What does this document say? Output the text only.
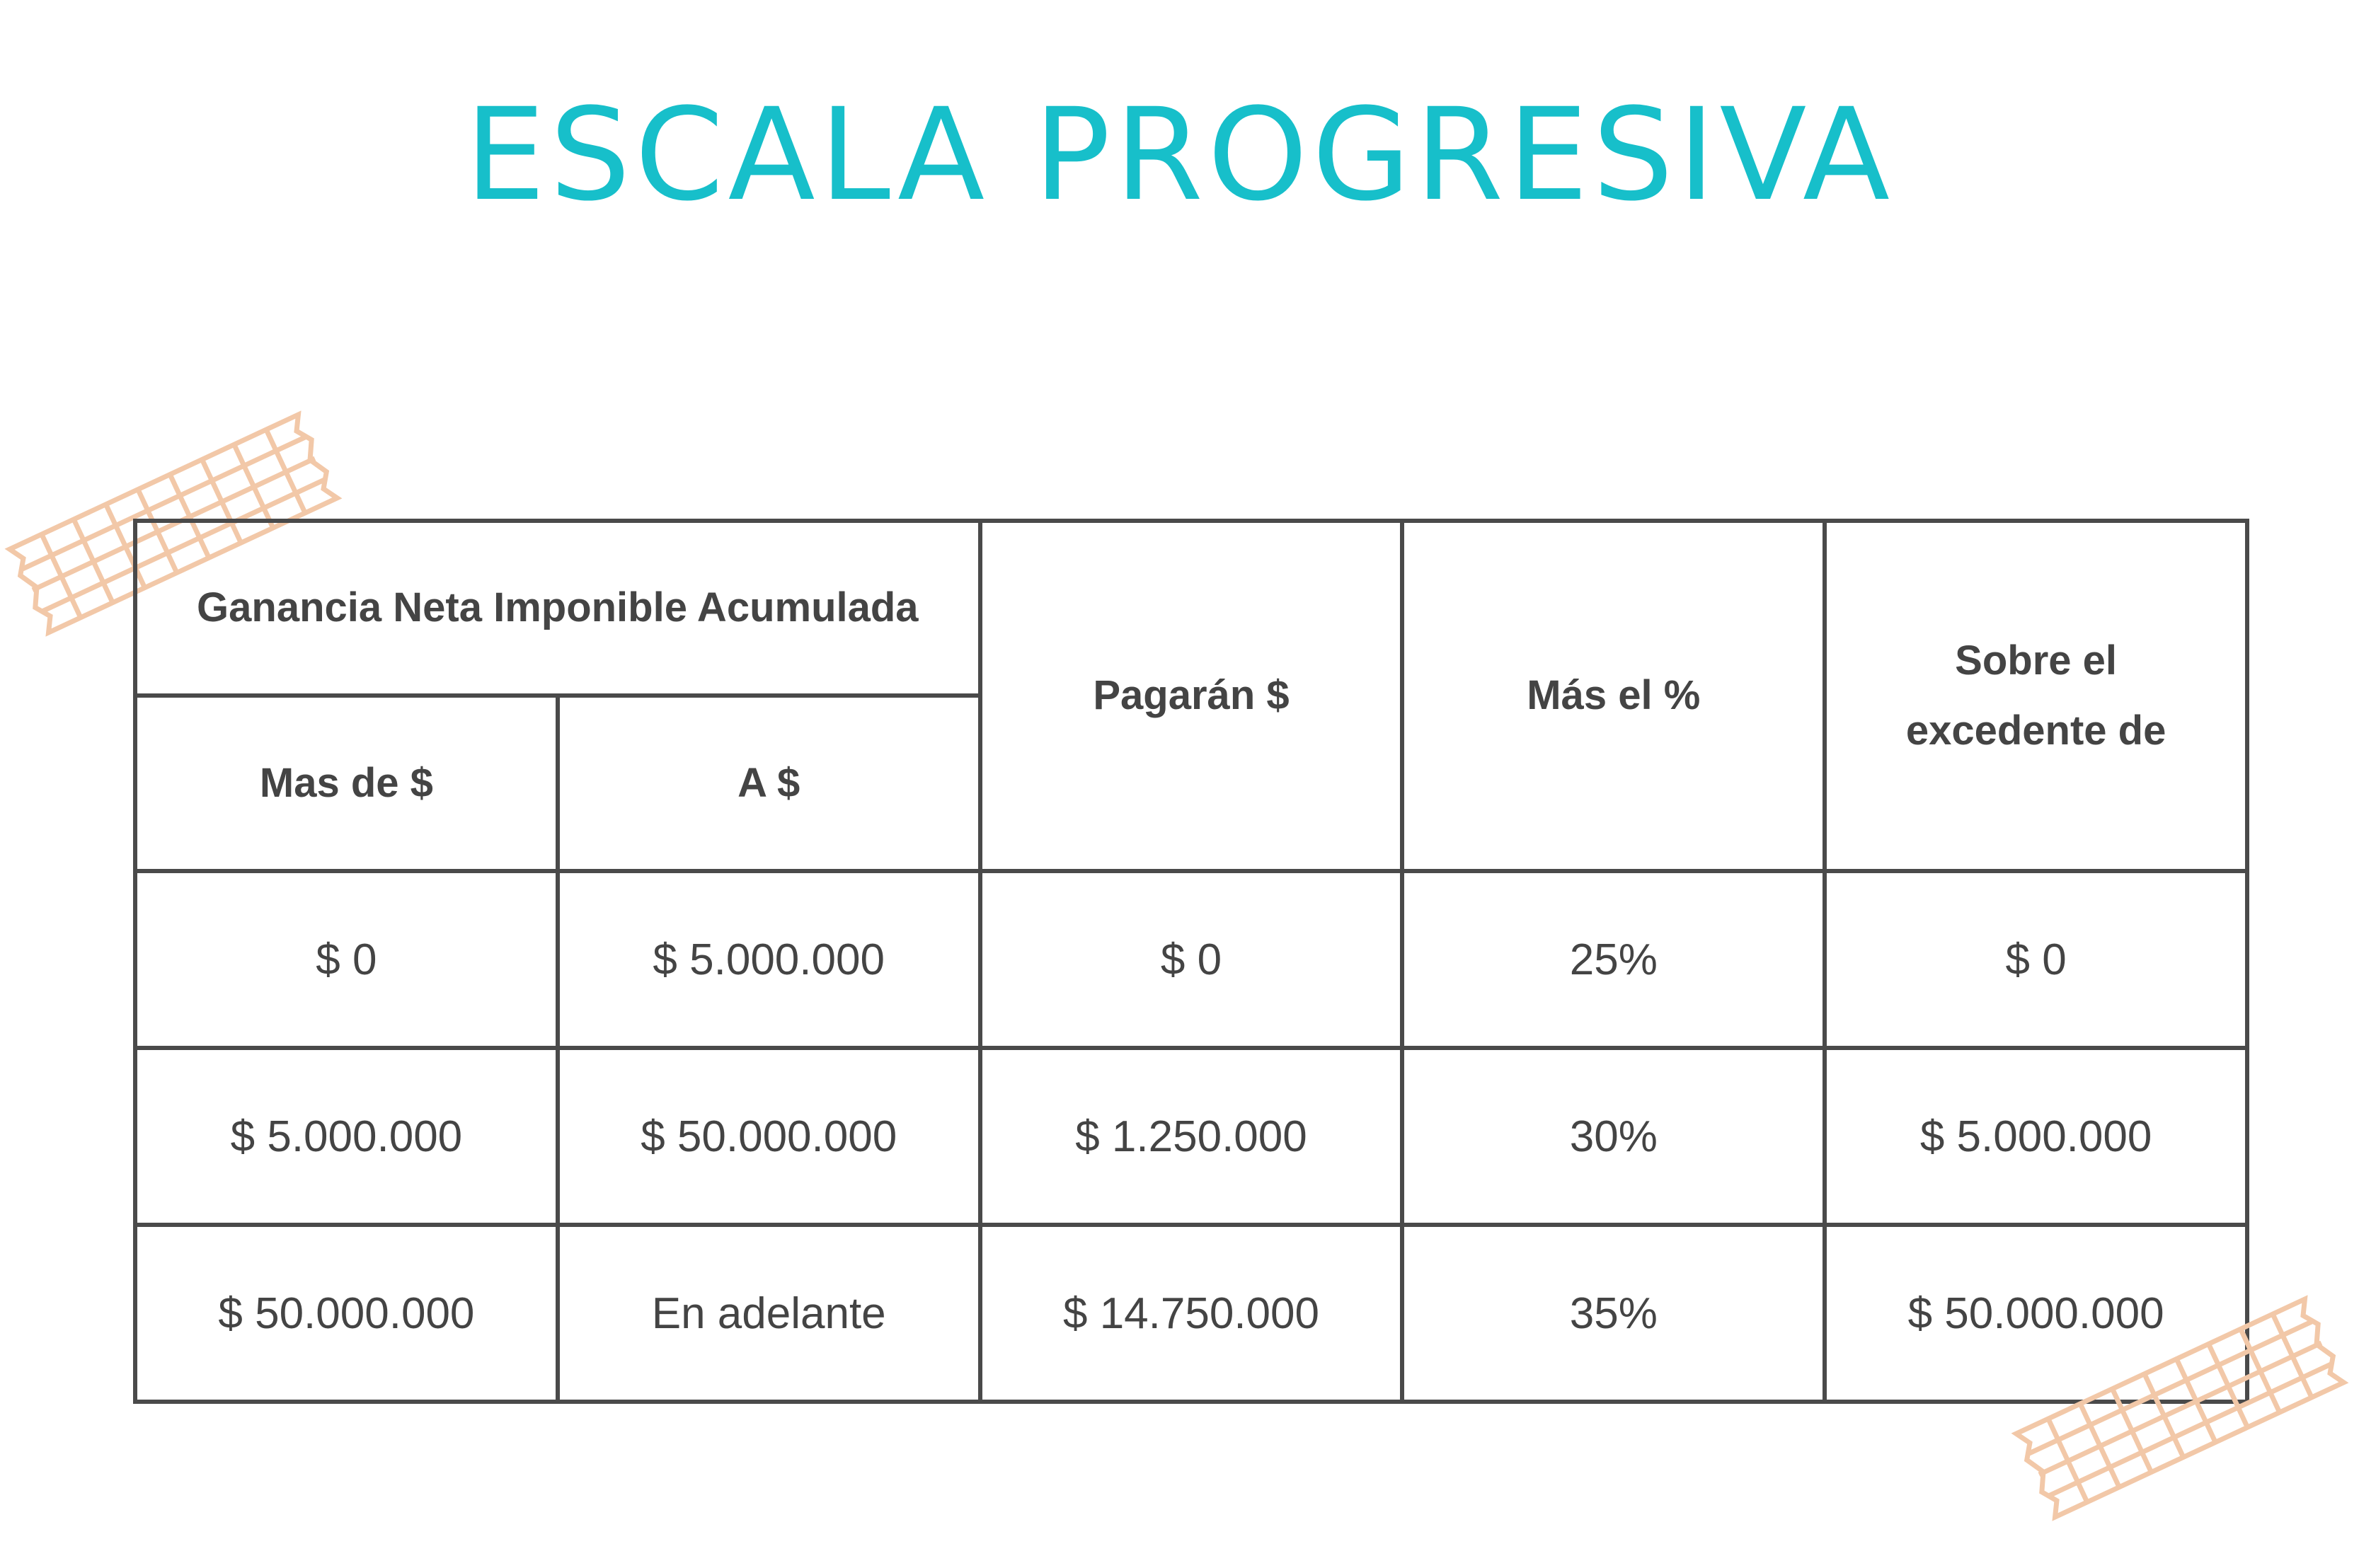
ESCALA PROGRESIVA
Ganancia Neta Imponible Acumulada		Pagarán $	Más el %	Sobre el excedente de
Mas de $	A $			
$ 0	$ 5.000.000	$ 0	25%	$ 0
$ 5.000.000	$ 50.000.000	$ 1.250.000	30%	$ 5.000.000
$ 50.000.000	En adelante	$ 14.750.000	35%	$ 50.000.000
